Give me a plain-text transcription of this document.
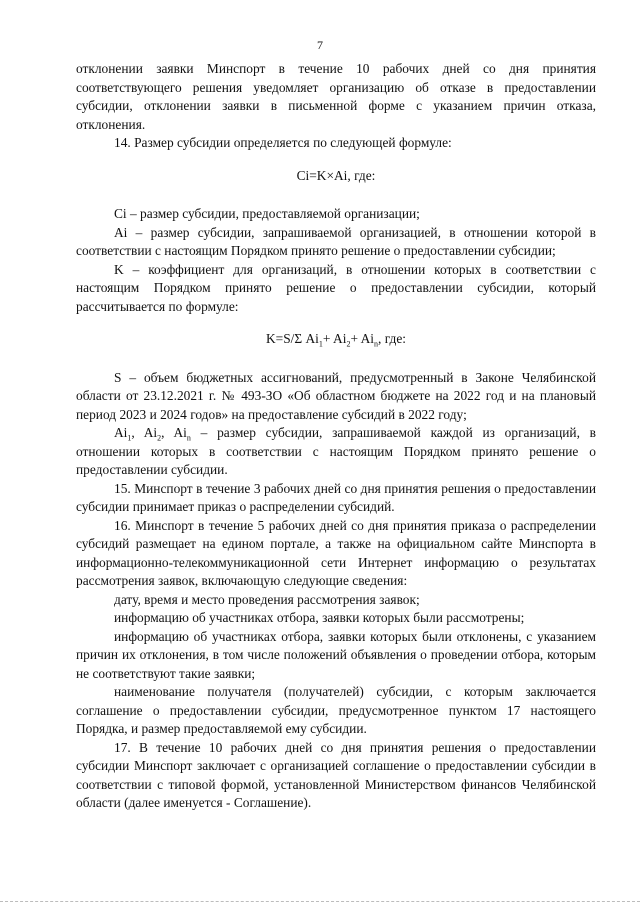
7

отклонении заявки Минспорт в течение 10 рабочих дней со дня принятия соответствующего решения уведомляет организацию об отказе в предоставлении субсидии, отклонении заявки в письменной форме с указанием причин отказа, отклонения.

14. Размер субсидии определяется по следующей формуле:

Ci=K×Ai, где:

Ci – размер субсидии, предоставляемой организации;

Ai – размер субсидии, запрашиваемой организацией, в отношении которой в соответствии с настоящим Порядком принято решение о предоставлении субсидии;

K – коэффициент для организаций, в отношении которых в соответствии с настоящим Порядком принято решение о предоставлении субсидии, который рассчитывается по формуле:

K=S/Σ $Ai_1+ Ai_2+ Ai_n$, где:

S – объем бюджетных ассигнований, предусмотренный в Законе Челябинской области от 23.12.2021 г. № 493-ЗО «Об областном бюджете на 2022 год и на плановый период 2023 и 2024 годов» на предоставление субсидий в 2022 году;

$Ai_1$, $Ai_2$, $Ai_n$ – размер субсидии, запрашиваемой каждой из организаций, в отношении которых в соответствии с настоящим Порядком принято решение о предоставлении субсидии.

15. Минспорт в течение 3 рабочих дней со дня принятия решения о предоставлении субсидии принимает приказ о распределении субсидий.

16. Минспорт в течение 5 рабочих дней со дня принятия приказа о распределении субсидий размещает на едином портале, а также на официальном сайте Минспорта в информационно-телекоммуникационной сети Интернет информацию о результатах рассмотрения заявок, включающую следующие сведения:

дату, время и место проведения рассмотрения заявок;

информацию об участниках отбора, заявки которых были рассмотрены;

информацию об участниках отбора, заявки которых были отклонены, с указанием причин их отклонения, в том числе положений объявления о проведении отбора, которым не соответствуют такие заявки;

наименование получателя (получателей) субсидии, с которым заключается соглашение о предоставлении субсидии, предусмотренное пунктом 17 настоящего Порядка, и размер предоставляемой ему субсидии.

17. В течение 10 рабочих дней со дня принятия решения о предоставлении субсидии Минспорт заключает с организацией соглашение о предоставлении субсидии в соответствии с типовой формой, установленной Министерством финансов Челябинской области (далее именуется - Соглашение).
